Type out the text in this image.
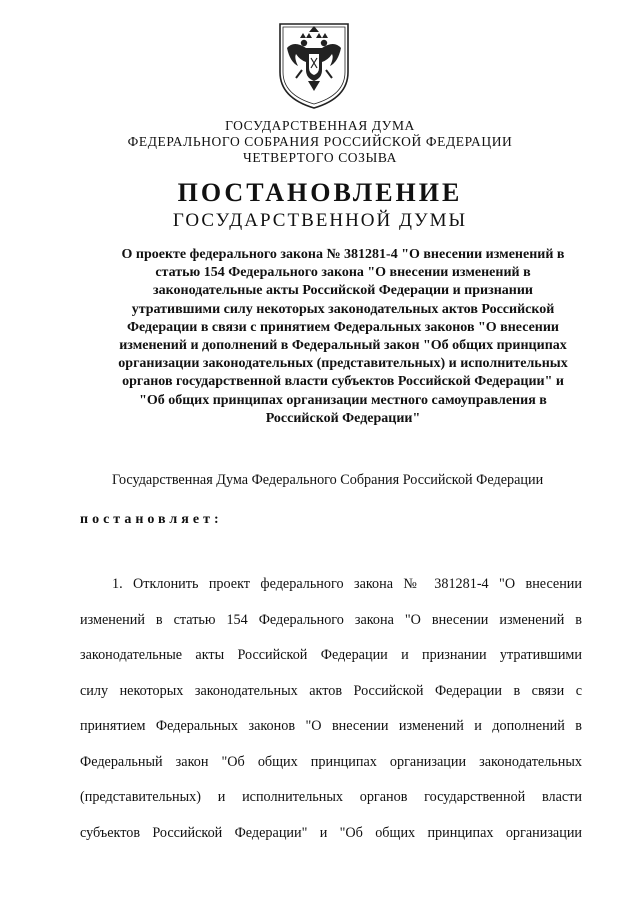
ГОСУДАРСТВЕННАЯ ДУМА
ФЕДЕРАЛЬНОГО СОБРАНИЯ РОССИЙСКОЙ ФЕДЕРАЦИИ
ЧЕТВЕРТОГО СОЗЫВА
ПОСТАНОВЛЕНИЕ
ГОСУДАРСТВЕННОЙ ДУМЫ
О проекте федерального закона № 381281-4 "О внесении изменений в статью 154 Федерального закона "О внесении изменений в законодательные акты Российской Федерации и признании утратившими силу некоторых законодательных актов Российской Федерации в связи с принятием Федеральных законов "О внесении изменений и дополнений в Федеральный закон "Об общих принципах организации законодательных (представительных) и исполнительных органов государственной власти субъектов Российской Федерации" и "Об общих принципах организации местного самоуправления в Российской Федерации"
Государственная Дума Федерального Собрания Российской Федерации
постановляет:
1. Отклонить проект федерального закона № 381281-4 "О внесении
изменений в статью 154 Федерального закона "О внесении изменений в
законодательные акты Российской Федерации и признании утратившими
силу некоторых законодательных актов Российской Федерации в связи с
принятием Федеральных законов "О внесении изменений и дополнений в
Федеральный закон "Об общих принципах организации законодательных
(представительных) и исполнительных органов государственной власти
субъектов Российской Федерации" и "Об общих принципах организации
